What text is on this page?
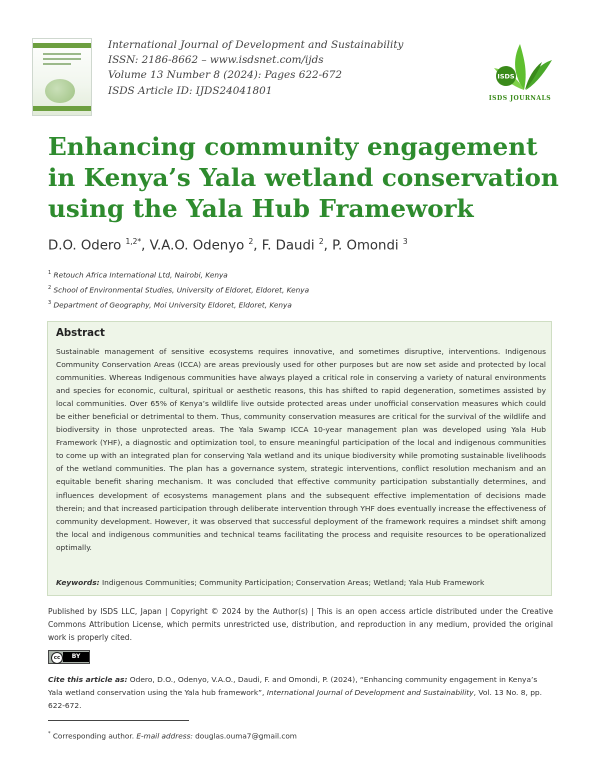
International Journal of Development and Sustainability
ISSN: 2186-8662 – www.isdsnet.com/ijds
Volume 13 Number 8 (2024): Pages 622-672
ISDS Article ID: IJDS24041801
ISDS
ISDS JOURNALS
Enhancing community engagement in Kenya’s Yala wetland conservation using the Yala Hub Framework
D.O. Odero $^{1,2*}$, V.A.O. Odenyo $^2$, F. Daudi $^2$, P. Omondi $^3$
$^1$ Retouch Africa International Ltd, Nairobi, Kenya
$^2$ School of Environmental Studies, University of Eldoret, Eldoret, Kenya
$^3$ Department of Geography, Moi University Eldoret, Eldoret, Kenya
Abstract

Sustainable management of sensitive ecosystems requires innovative, and sometimes disruptive, interventions. Indigenous Community Conservation Areas (ICCA) are areas previously used for other purposes but are now set aside and protected by local communities. Whereas Indigenous communities have always played a critical role in conserving a variety of natural environments and species for economic, cultural, spiritual or aesthetic reasons, this has shifted to rapid degeneration, sometimes assisted by local communities. Over 65% of Kenya’s wildlife live outside protected areas under unofficial conservation measures which could be either beneficial or detrimental to them. Thus, community conservation measures are critical for the survival of the wildlife and biodiversity in those unprotected areas. The Yala Swamp ICCA 10-year management plan was developed using Yala Hub Framework (YHF), a diagnostic and optimization tool, to ensure meaningful participation of the local and indigenous communities to come up with an integrated plan for conserving Yala wetland and its unique biodiversity while promoting sustainable livelihoods of the wetland communities. The plan has a governance system, strategic interventions, conflict resolution mechanism and an equitable benefit sharing mechanism. It was concluded that effective community participation substantially determines, and influences development of ecosystems management plans and the subsequent effective implementation of decisions made therein; and that increased participation through deliberate intervention through YHF does eventually increase the effectiveness of community development. However, it was observed that successful deployment of the framework requires a mindset shift among the local and indigenous communities and technical teams facilitating the process and requisite resources to be operationalized optimally.

Keywords: Indigenous Communities; Community Participation; Conservation Areas; Wetland; Yala Hub Framework

Published by ISDS LLC, Japan | Copyright © 2024 by the Author(s) | This is an open access article distributed under the Creative Commons Attribution License, which permits unrestricted use, distribution, and reproduction in any medium, provided the original work is properly cited.

cc	BY

Cite this article as: Odero, D.O., Odenyo, V.A.O., Daudi, F. and Omondi, P. (2024), “Enhancing community engagement in Kenya’s Yala wetland conservation using the Yala hub framework”, International Journal of Development and Sustainability, Vol. 13 No. 8, pp. 622-672.

* Corresponding author. E-mail address: douglas.ouma7@gmail.com
